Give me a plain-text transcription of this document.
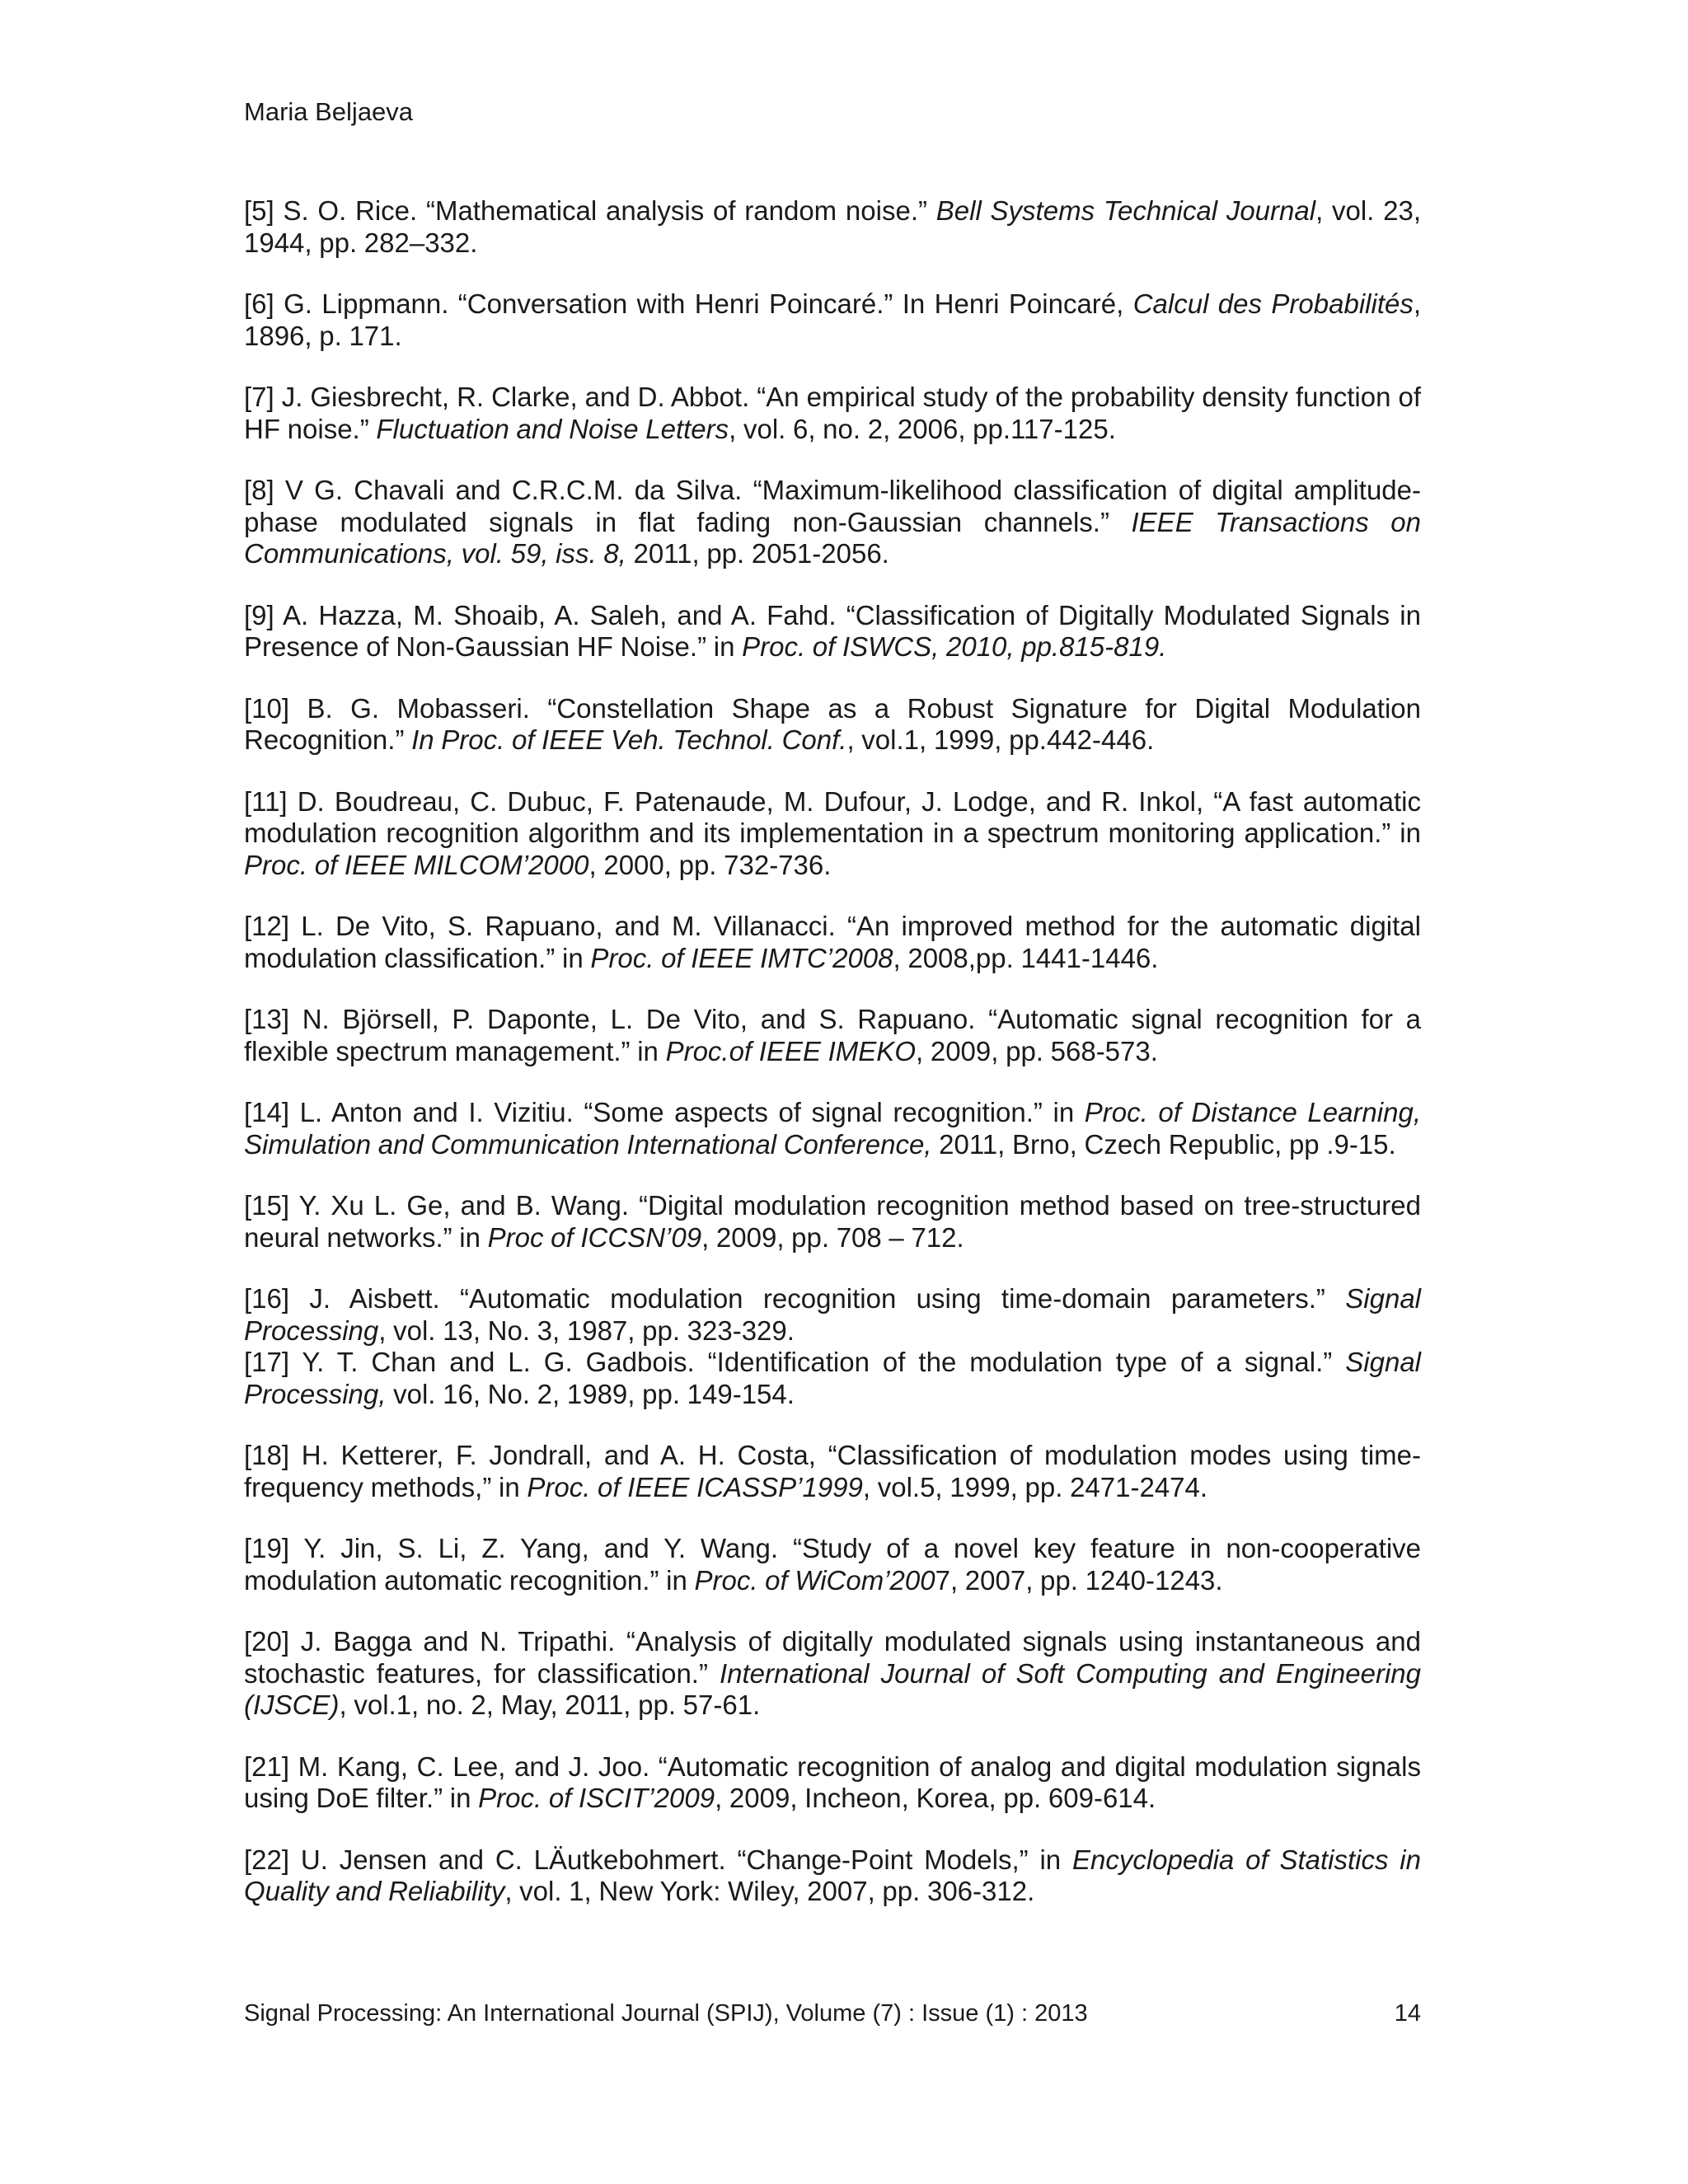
Maria Beljaeva

[5] S. O. Rice. “Mathematical analysis of random noise.” Bell Systems Technical Journal, vol. 23, 1944, pp. 282–332.

[6] G. Lippmann. “Conversation with Henri Poincaré.” In Henri Poincaré, Calcul des Probabilités, 1896, p. 171.

[7] J. Giesbrecht, R. Clarke, and D. Abbot. “An empirical study of the probability density function of HF noise.” Fluctuation and Noise Letters, vol. 6, no. 2, 2006, pp.117-125.

[8] V G. Chavali and C.R.C.M. da Silva. “Maximum-likelihood classification of digital amplitude-phase modulated signals in flat fading non-Gaussian channels.” IEEE Transactions on Communications, vol. 59, iss. 8, 2011, pp. 2051-2056.

[9] A. Hazza, M. Shoaib, A. Saleh, and A. Fahd. “Classification of Digitally Modulated Signals in Presence of Non-Gaussian HF Noise.” in Proc. of ISWCS, 2010, pp.815-819.

[10] B. G. Mobasseri. “Constellation Shape as a Robust Signature for Digital Modulation Recognition.” In Proc. of IEEE Veh. Technol. Conf., vol.1, 1999, pp.442-446.

[11] D. Boudreau, C. Dubuc, F. Patenaude, M. Dufour, J. Lodge, and R. Inkol, “A fast automatic modulation recognition algorithm and its implementation in a spectrum monitoring application.” in Proc. of IEEE MILCOM’2000, 2000, pp. 732-736.

[12] L. De Vito, S. Rapuano, and M. Villanacci. “An improved method for the automatic digital modulation classification.” in Proc. of IEEE IMTC’2008, 2008,pp. 1441-1446.

[13] N. Björsell, P. Daponte, L. De Vito, and S. Rapuano. “Automatic signal recognition for a flexible spectrum management.” in Proc.of IEEE IMEKO, 2009, pp. 568-573.

[14] L. Anton and I. Vizitiu. “Some aspects of signal recognition.” in Proc. of Distance Learning, Simulation and Communication International Conference, 2011, Brno, Czech Republic, pp .9-15.

[15] Y. Xu L. Ge, and B. Wang. “Digital modulation recognition method based on tree-structured neural networks.” in Proc of ICCSN’09, 2009, pp. 708 – 712.

[16] J. Aisbett. “Automatic modulation recognition using time-domain parameters.” Signal Processing, vol. 13, No. 3, 1987, pp. 323-329.

[17] Y. T. Chan and L. G. Gadbois. “Identification of the modulation type of a signal.” Signal Processing, vol. 16, No. 2, 1989, pp. 149-154.

[18] H. Ketterer, F. Jondrall, and A. H. Costa, “Classification of modulation modes using time-frequency methods,” in Proc. of IEEE ICASSP’1999, vol.5, 1999, pp. 2471-2474.

[19] Y. Jin, S. Li, Z. Yang, and Y. Wang. “Study of a novel key feature in non-cooperative modulation automatic recognition.” in Proc. of WiCom’2007, 2007, pp. 1240-1243.

[20] J. Bagga and N. Tripathi. “Analysis of digitally modulated signals using instantaneous and stochastic features, for classification.” International Journal of Soft Computing and Engineering (IJSCE), vol.1, no. 2, May, 2011, pp. 57-61.

[21] M. Kang, C. Lee, and J. Joo. “Automatic recognition of analog and digital modulation signals using DoE filter.” in Proc. of ISCIT’2009, 2009, Incheon, Korea, pp. 609-614.

[22] U. Jensen and C. LÄutkebohmert. “Change-Point Models,” in Encyclopedia of Statistics in Quality and Reliability, vol. 1, New York: Wiley, 2007, pp. 306-312.

Signal Processing: An International Journal (SPIJ), Volume (7) : Issue (1) : 2013	14
